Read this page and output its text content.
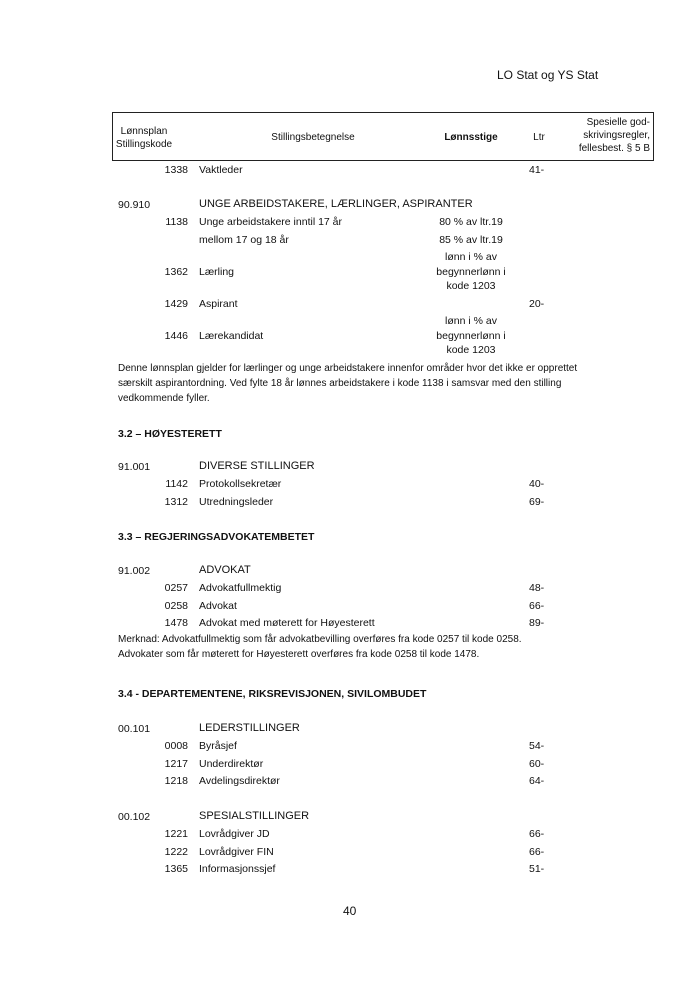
LO Stat og YS Stat
Lønnsplan
Stillingskode
Stillingsbetegnelse	Lønnsstige	Ltr
Spesielle god-
skrivingsregler,
fellesbest. § 5 B
1338 Vaktleder	41-
90.910	UNGE ARBEIDSTAKERE, LÆRLINGER, ASPIRANTER
1138 Unge arbeidstakere inntil 17 år	80 % av ltr.19
mellom 17 og 18 år	85 % av ltr.19
lønn i % av
1362 Lærling	begynnerlønn i
kode 1203
1429 Aspirant	20-
lønn i % av
1446 Lærekandidat	begynnerlønn i
kode 1203
Denne lønnsplan gjelder for lærlinger og unge arbeidstakere innenfor områder hvor det ikke er opprettet
særskilt aspirantordning. Ved fylte 18 år lønnes arbeidstakere i kode 1138 i samsvar med den stilling
vedkommende fyller.
3.2 – HØYESTERETT
91.001	DIVERSE STILLINGER
1142 Protokollsekretær	40-
1312 Utredningsleder	69-
3.3 – REGJERINGSADVOKATEMBETET
91.002	ADVOKAT
0257 Advokatfullmektig	48-
0258 Advokat	66-
1478 Advokat med møterett for Høyesterett	89-
Merknad: Advokatfullmektig som får advokatbevilling overføres fra kode 0257 til kode 0258.
Advokater som får møterett for Høyesterett overføres fra kode 0258 til kode 1478.
3.4 - DEPARTEMENTENE, RIKSREVISJONEN, SIVILOMBUDET
00.101	LEDERSTILLINGER
0008 Byråsjef	54-
1217 Underdirektør	60-
1218 Avdelingsdirektør	64-
00.102	SPESIALSTILLINGER
1221 Lovrådgiver JD	66-
1222 Lovrådgiver FIN	66-
1365 Informasjonssjef	51-
40
